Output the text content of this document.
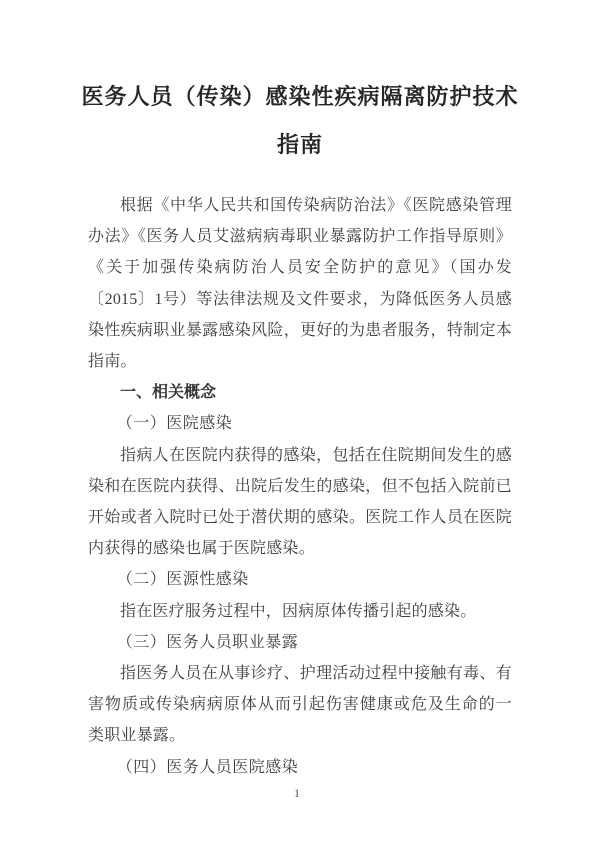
医务人员（传染）感染性疾病隔离防护技术
指南
根据《中华人民共和国传染病防治法》《医院感染管理
办法》《医务人员艾滋病病毒职业暴露防护工作指导原则》
《关于加强传染病防治人员安全防护的意见》（国办发
〔2015〕1号）等法律法规及文件要求，为降低医务人员感
染性疾病职业暴露感染风险，更好的为患者服务，特制定本
指南。
一、相关概念
（一）医院感染
指病人在医院内获得的感染，包括在住院期间发生的感
染和在医院内获得、出院后发生的感染，但不包括入院前已
开始或者入院时已处于潜伏期的感染。医院工作人员在医院
内获得的感染也属于医院感染。
（二）医源性感染
指在医疗服务过程中，因病原体传播引起的感染。
（三）医务人员职业暴露
指医务人员在从事诊疗、护理活动过程中接触有毒、有
害物质或传染病病原体从而引起伤害健康或危及生命的一
类职业暴露。
（四）医务人员医院感染
1
